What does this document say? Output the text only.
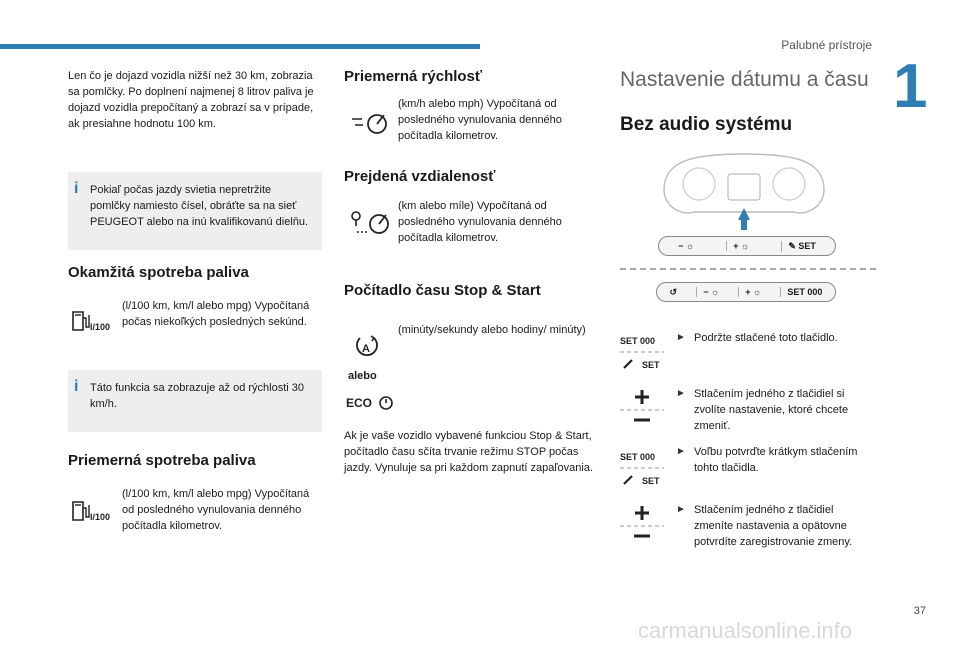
Palubné prístroje
1
Len čo je dojazd vozidla nižší než 30 km, zobrazia sa pomlčky. Po doplnení najmenej 8 litrov paliva je dojazd vozidla prepočítaný a zobrazí sa v prípade, ak presiahne hodnotu 100 km.
i	Pokiaľ počas jazdy svietia nepretržite pomlčky namiesto čísel, obráťte sa na sieť PEUGEOT alebo na inú kvalifikovanú dielňu.
Okamžitá spotreba paliva
l/100
(l/100 km, km/l alebo mpg) Vypočítaná počas niekoľkých posledných sekúnd.
i	Táto funkcia sa zobrazuje až od rýchlosti 30 km/h.
Priemerná spotreba paliva
l/100
(l/100 km, km/l alebo mpg) Vypočítaná od posledného vynulovania denného počítadla kilometrov.
Priemerná rýchlosť
(km/h alebo mph) Vypočítaná od posledného vynulovania denného počítadla kilometrov.
Prejdená vzdialenosť
(km alebo míle) Vypočítaná od posledného vynulovania denného počítadla kilometrov.
Počítadlo času Stop & Start
A
alebo
ECO
(minúty/sekundy alebo hodiny/ minúty)
Ak je vaše vozidlo vybavené funkciou Stop & Start, počítadlo času sčíta trvanie režimu STOP počas jazdy. Vynuluje sa pri každom zapnutí zapaľovania.
Nastavenie dátumu a času
Bez audio systému
− ☼	+ ☼	✎ SET
↺	− ☼	+ ☼	SET 000
SET 000
SET
► Podržte stlačené toto tlačidlo.
► Stlačením jedného z tlačidiel si zvolíte nastavenie, ktoré chcete zmeniť.
SET 000
SET
► Voľbu potvrďte krátkym stlačením tohto tlačidla.
► Stlačením jedného z tlačidiel zmeníte nastavenia a opätovne potvrdíte zaregistrovanie zmeny.
37
carmanualsonline.info
